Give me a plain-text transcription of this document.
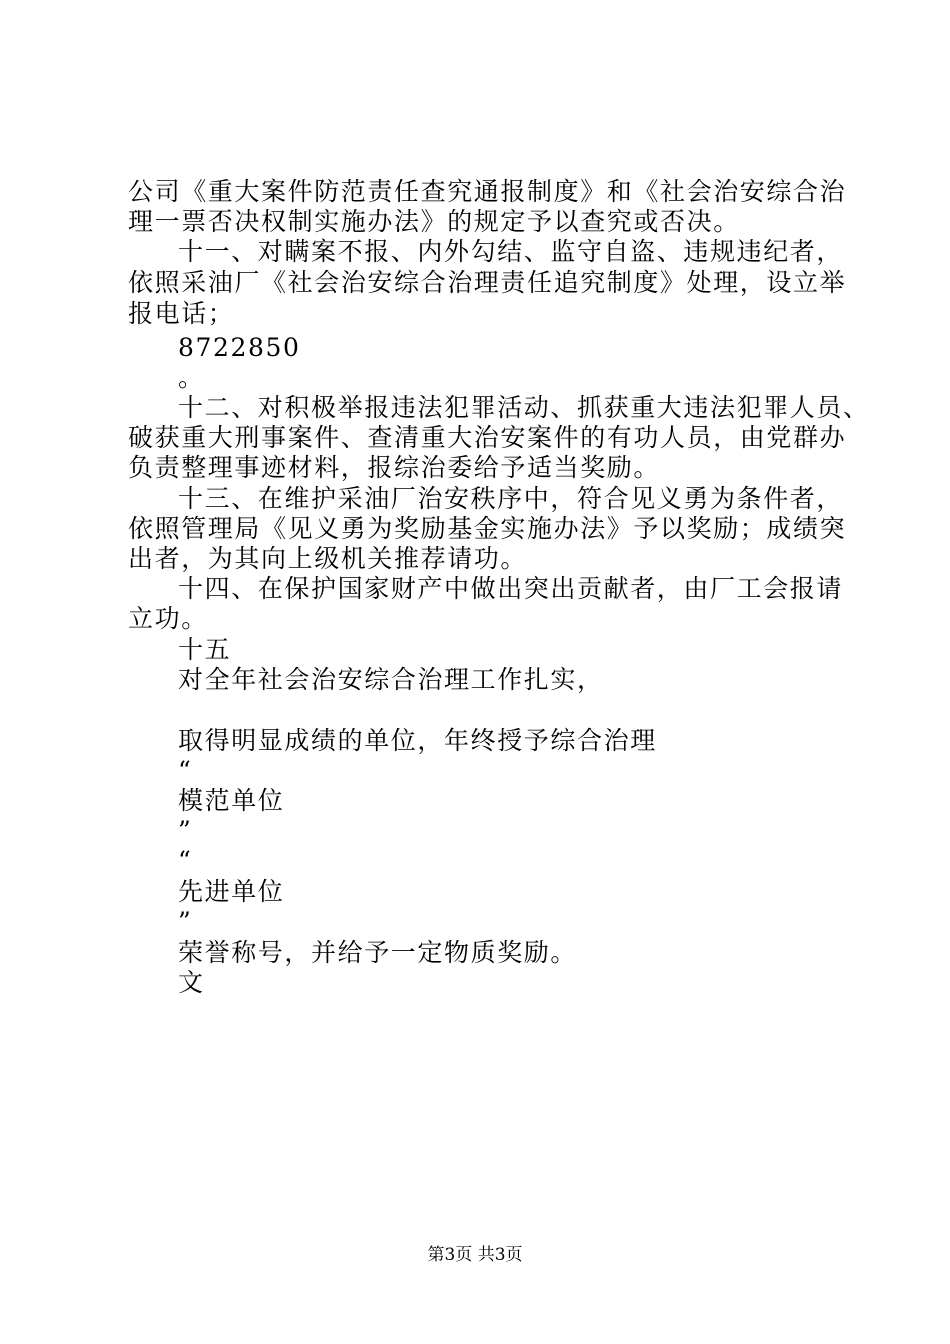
公司《重大案件防范责任查究通报制度》和《社会治安综合治
理一票否决权制实施办法》的规定予以查究或否决。
十一、对瞒案不报、内外勾结、监守自盗、违规违纪者，
依照采油厂《社会治安综合治理责任追究制度》处理，设立举
报电话；
8722850
。
十二、对积极举报违法犯罪活动、抓获重大违法犯罪人员、
破获重大刑事案件、查清重大治安案件的有功人员，由党群办
负责整理事迹材料，报综治委给予适当奖励。
十三、在维护采油厂治安秩序中，符合见义勇为条件者，
依照管理局《见义勇为奖励基金实施办法》予以奖励；成绩突
出者，为其向上级机关推荐请功。
十四、在保护国家财产中做出突出贡献者，由厂工会报请
立功。
十五
对全年社会治安综合治理工作扎实，
取得明显成绩的单位，年终授予综合治理
“
模范单位
”
“
先进单位
”
荣誉称号，并给予一定物质奖励。
文
第3页 共3页
